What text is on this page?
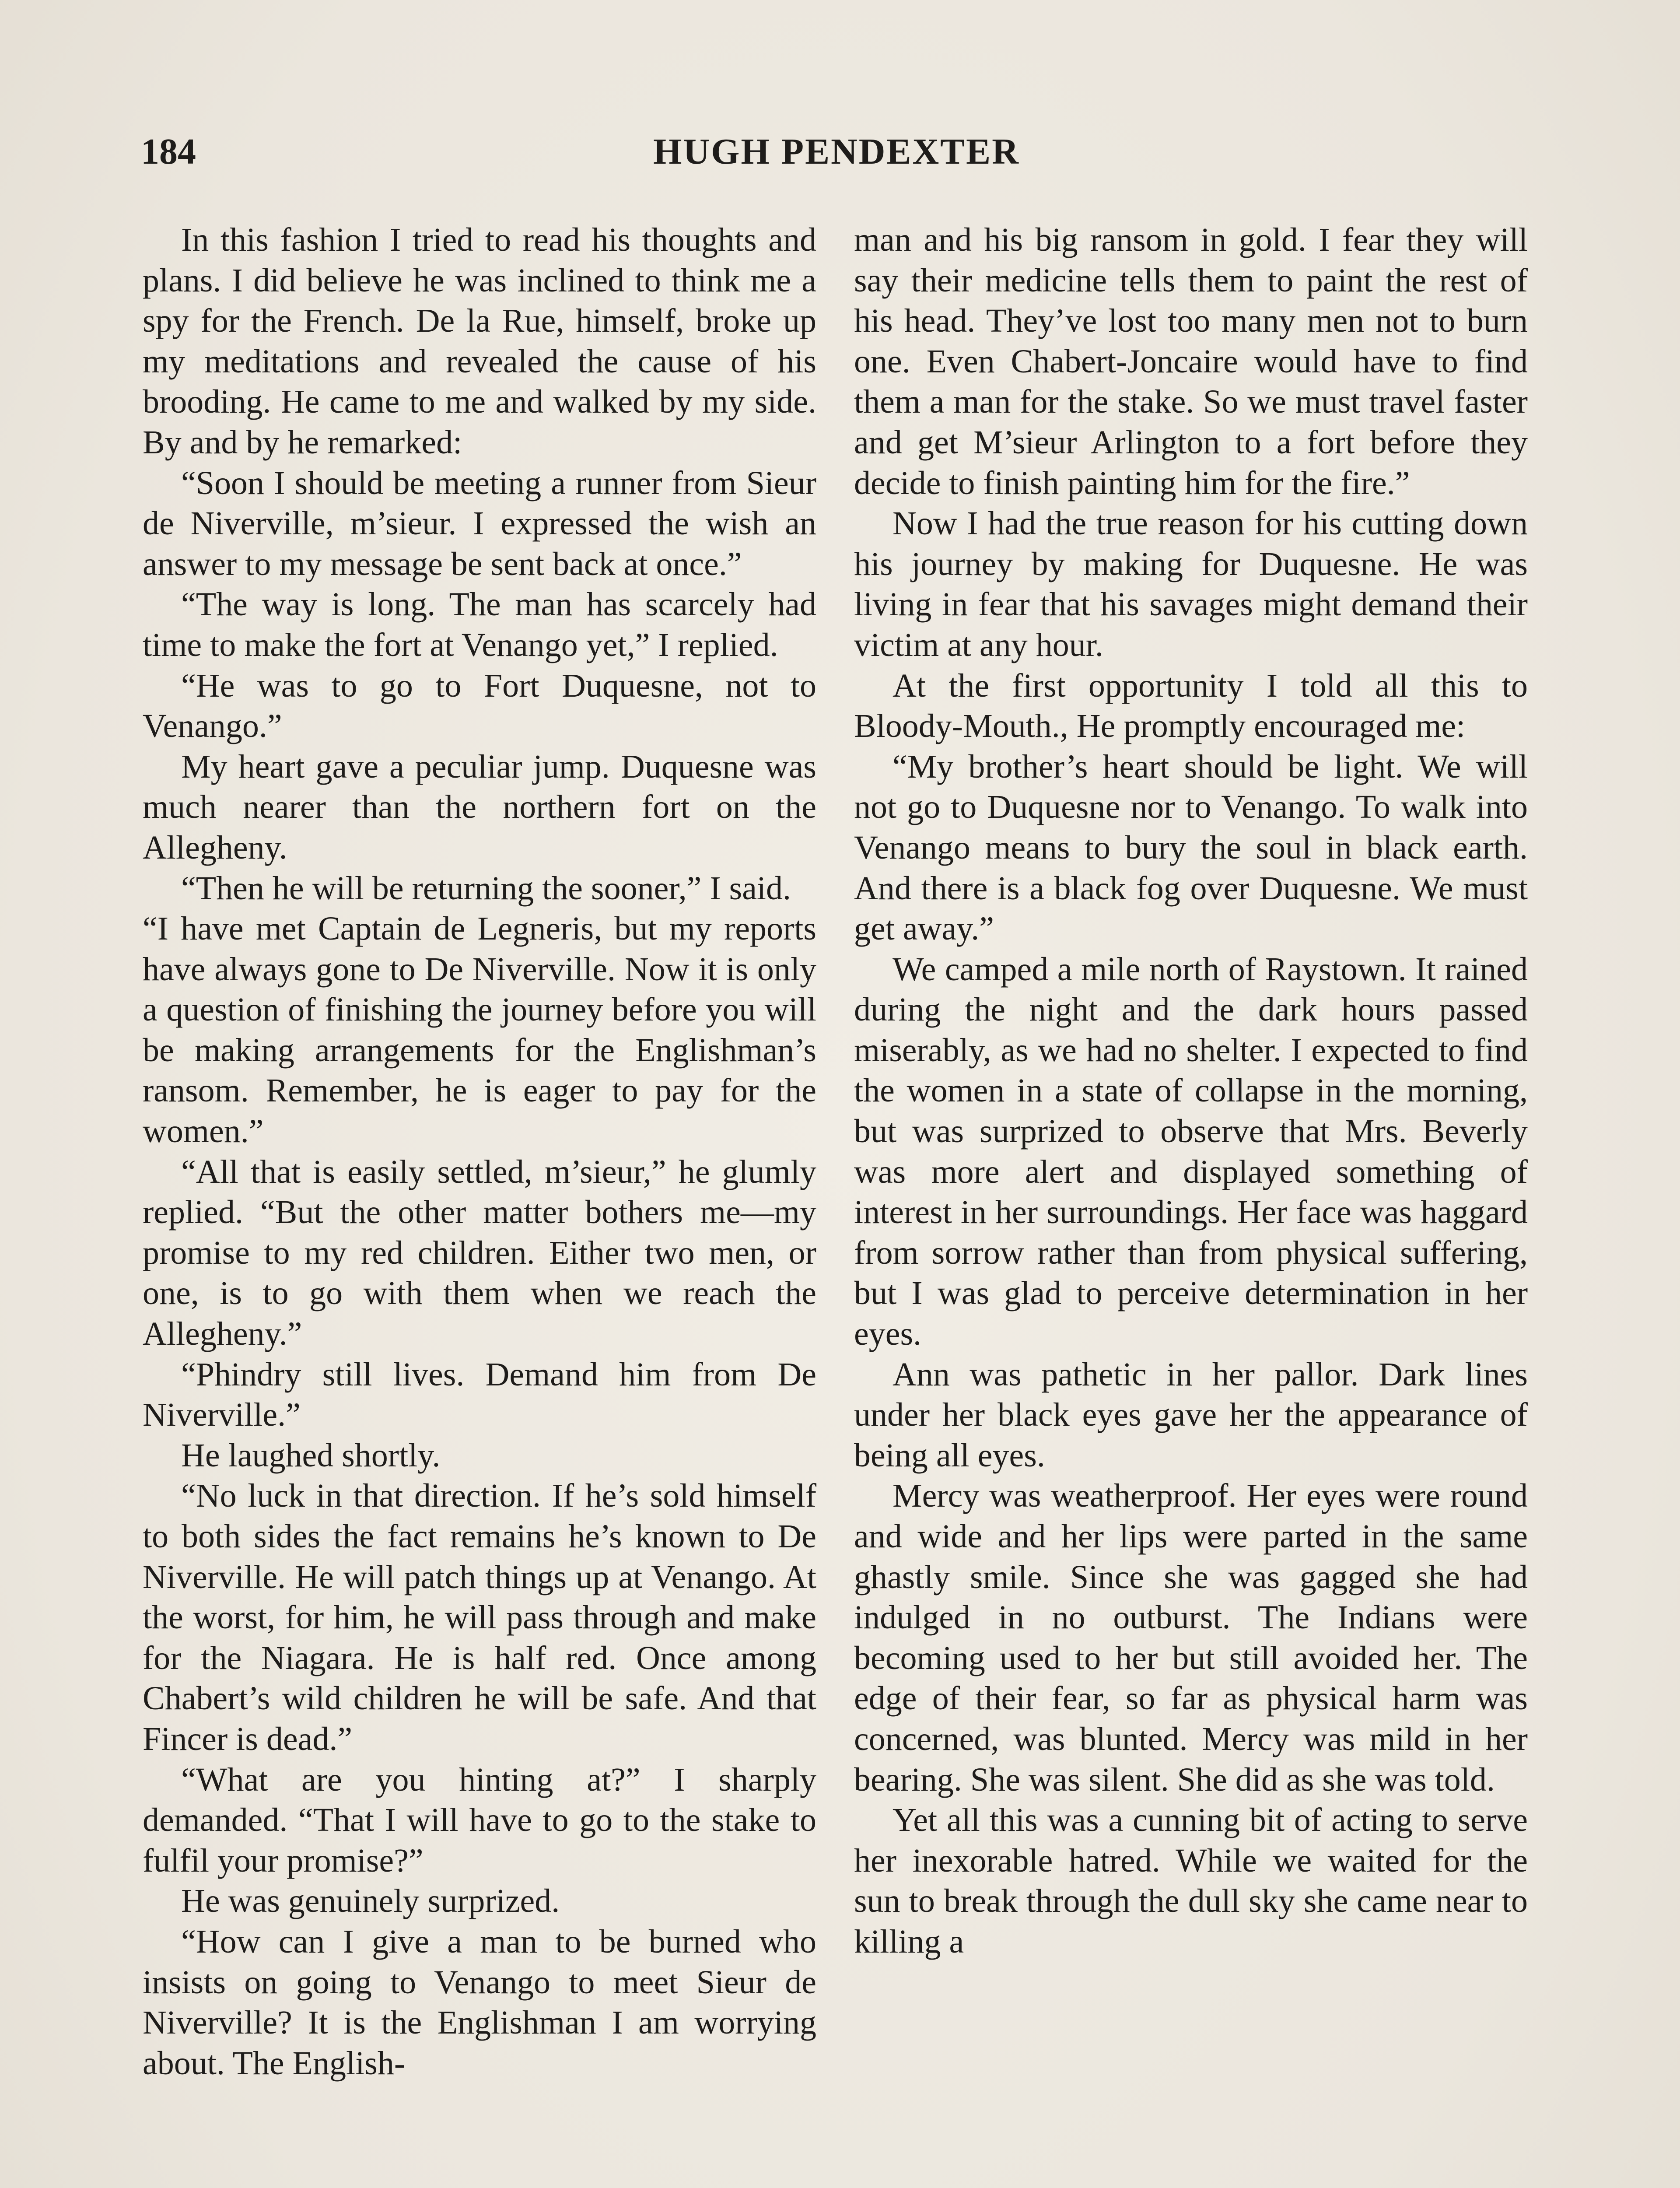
184	HUGH PENDEXTER

In this fashion I tried to read his thoughts and plans. I did believe he was inclined to think me a spy for the French. De la Rue, himself, broke up my meditations and revealed the cause of his brooding. He came to me and walked by my side. By and by he remarked:

“Soon I should be meeting a runner from Sieur de Niverville, m’sieur. I expressed the wish an answer to my message be sent back at once.”

“The way is long. The man has scarcely had time to make the fort at Venango yet,” I replied.

“He was to go to Fort Duquesne, not to Venango.”

My heart gave a peculiar jump. Duquesne was much nearer than the northern fort on the Allegheny.

“Then he will be returning the sooner,” I said.

“I have met Captain de Legneris, but my reports have always gone to De Niverville. Now it is only a question of finishing the journey before you will be making arrangements for the Englishman’s ransom. Remember, he is eager to pay for the women.”

“All that is easily settled, m’sieur,” he glumly replied. “But the other matter bothers me—my promise to my red children. Either two men, or one, is to go with them when we reach the Allegheny.”

“Phindry still lives. Demand him from De Niverville.”

He laughed shortly.

“No luck in that direction. If he’s sold himself to both sides the fact remains he’s known to De Niverville. He will patch things up at Venango. At the worst, for him, he will pass through and make for the Niagara. He is half red. Once among Chabert’s wild children he will be safe. And that Fincer is dead.”

“What are you hinting at?” I sharply demanded. “That I will have to go to the stake to fulfil your promise?”

He was genuinely surprized.

“How can I give a man to be burned who insists on going to Venango to meet Sieur de Niverville? It is the Englishman I am worrying about. The English-

man and his big ransom in gold. I fear they will say their medicine tells them to paint the rest of his head. They’ve lost too many men not to burn one. Even Chabert-Joncaire would have to find them a man for the stake. So we must travel faster and get M’sieur Arlington to a fort before they decide to finish painting him for the fire.”

Now I had the true reason for his cutting down his journey by making for Duquesne. He was living in fear that his savages might demand their victim at any hour.

At the first opportunity I told all this to Bloody-Mouth., He promptly encouraged me:

“My brother’s heart should be light. We will not go to Duquesne nor to Venango. To walk into Venango means to bury the soul in black earth. And there is a black fog over Duquesne. We must get away.”

We camped a mile north of Raystown. It rained during the night and the dark hours passed miserably, as we had no shelter. I expected to find the women in a state of collapse in the morning, but was surprized to observe that Mrs. Beverly was more alert and displayed something of interest in her surroundings. Her face was haggard from sorrow rather than from physical suffering, but I was glad to perceive determination in her eyes.

Ann was pathetic in her pallor. Dark lines under her black eyes gave her the appearance of being all eyes.

Mercy was weatherproof. Her eyes were round and wide and her lips were parted in the same ghastly smile. Since she was gagged she had indulged in no outburst. The Indians were becoming used to her but still avoided her. The edge of their fear, so far as physical harm was concerned, was blunted. Mercy was mild in her bearing. She was silent. She did as she was told.

Yet all this was a cunning bit of acting to serve her inexorable hatred. While we waited for the sun to break through the dull sky she came near to killing a
